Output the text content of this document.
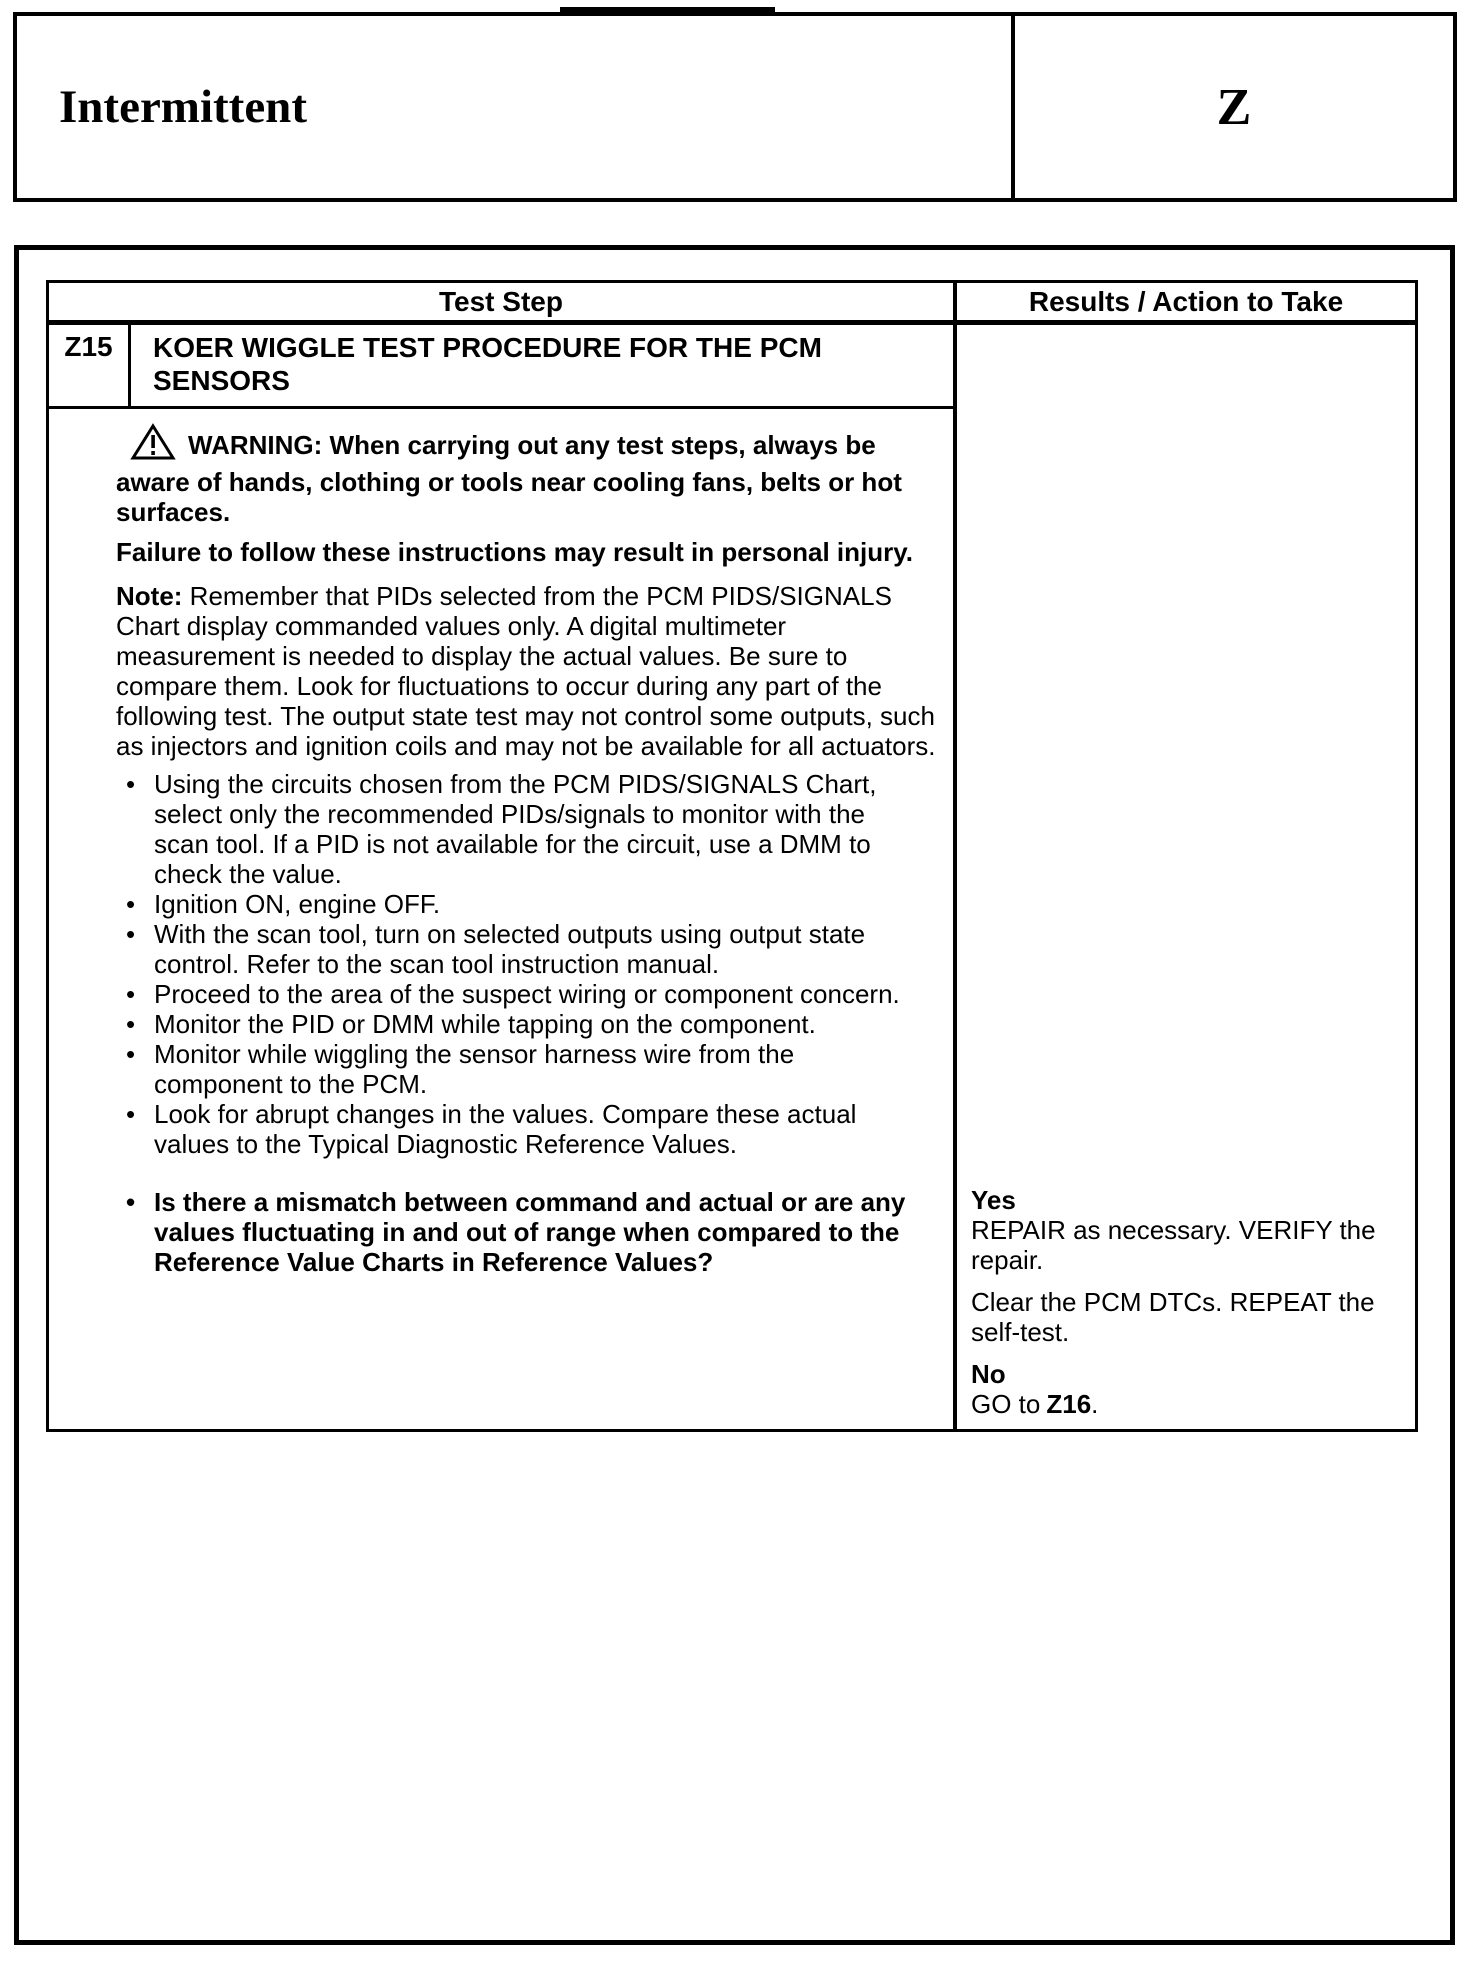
Intermittent	Z
Test Step	Results / Action to Take
Z15	KOER WIGGLE TEST PROCEDURE FOR THE PCM SENSORS

WARNING: When carrying out any test steps, always be aware of hands, clothing or tools near cooling fans, belts or hot surfaces.

Failure to follow these instructions may result in personal injury.

Note: Remember that PIDs selected from the PCM PIDS/SIGNALS Chart display commanded values only. A digital multimeter measurement is needed to display the actual values. Be sure to compare them. Look for fluctuations to occur during any part of the following test. The output state test may not control some outputs, such as injectors and ignition coils and may not be available for all actuators.

• Using the circuits chosen from the PCM PIDS/SIGNALS Chart, select only the recommended PIDs/signals to monitor with the scan tool. If a PID is not available for the circuit, use a DMM to check the value.
• Ignition ON, engine OFF.
• With the scan tool, turn on selected outputs using output state control. Refer to the scan tool instruction manual.
• Proceed to the area of the suspect wiring or component concern.
• Monitor the PID or DMM while tapping on the component.
• Monitor while wiggling the sensor harness wire from the component to the PCM.
• Look for abrupt changes in the values. Compare these actual values to the Typical Diagnostic Reference Values.
• Is there a mismatch between command and actual or are any values fluctuating in and out of range when compared to the Reference Value Charts in Reference Values?

Yes

REPAIR as necessary. VERIFY the repair.

Clear the PCM DTCs. REPEAT the self-test.

No

GO to Z16.
